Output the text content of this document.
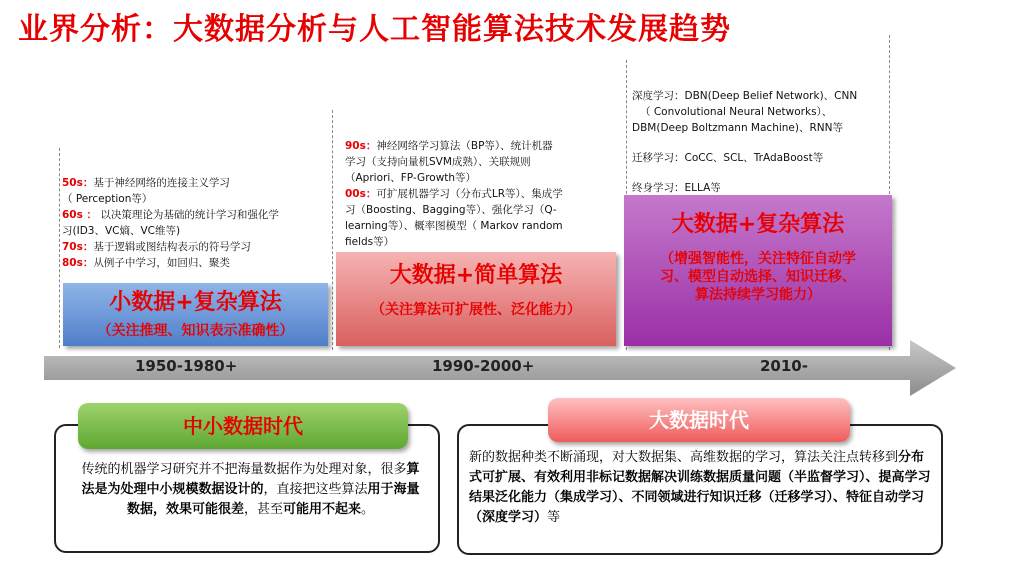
业界分析：大数据分析与人工智能算法技术发展趋势
50s：基于神经网络的连接主义学习
（ Perception等）
60s ： 以决策理论为基础的统计学习和强化学
习(ID3、VC熵、VC维等)
70s：基于逻辑或图结构表示的符号学习
80s：从例子中学习，如回归、聚类
90s：神经网络学习算法（BP等）、统计机器
学习（支持向量机SVM成熟）、关联规则
（Apriori、FP-Growth等）
00s：可扩展机器学习（分布式LR等）、集成学
习（Boosting、Bagging等）、强化学习（Q-
learning等）、概率图模型（ Markov random
fields等）
深度学习：DBN(Deep Belief Network)、CNN
（ Convolutional Neural Networks）、
DBM(Deep Boltzmann Machine)、RNN等
迁移学习：CoCC、SCL、TrAdaBoost等
终身学习：ELLA等
小数据+复杂算法
（关注推理、知识表示准确性）
大数据+简单算法
（关注算法可扩展性、泛化能力）
大数据+复杂算法
（增强智能性，关注特征自动学
习、模型自动选择、知识迁移、
算法持续学习能力）
1950-1980+	1990-2000+	2010-
传统的机器学习研究并不把海量数据作为处理对象，很多算法是为处理中小规模数据设计的，直接把这些算法用于海量数据，效果可能很差，甚至可能用不起来。
新的数据种类不断涌现，对大数据集、高维数据的学习，算法关注点转移到分布式可扩展、有效利用非标记数据解决训练数据质量问题（半监督学习）、提高学习结果泛化能力（集成学习）、不同领域进行知识迁移（迁移学习）、特征自动学习（深度学习）等
中小数据时代	大数据时代
